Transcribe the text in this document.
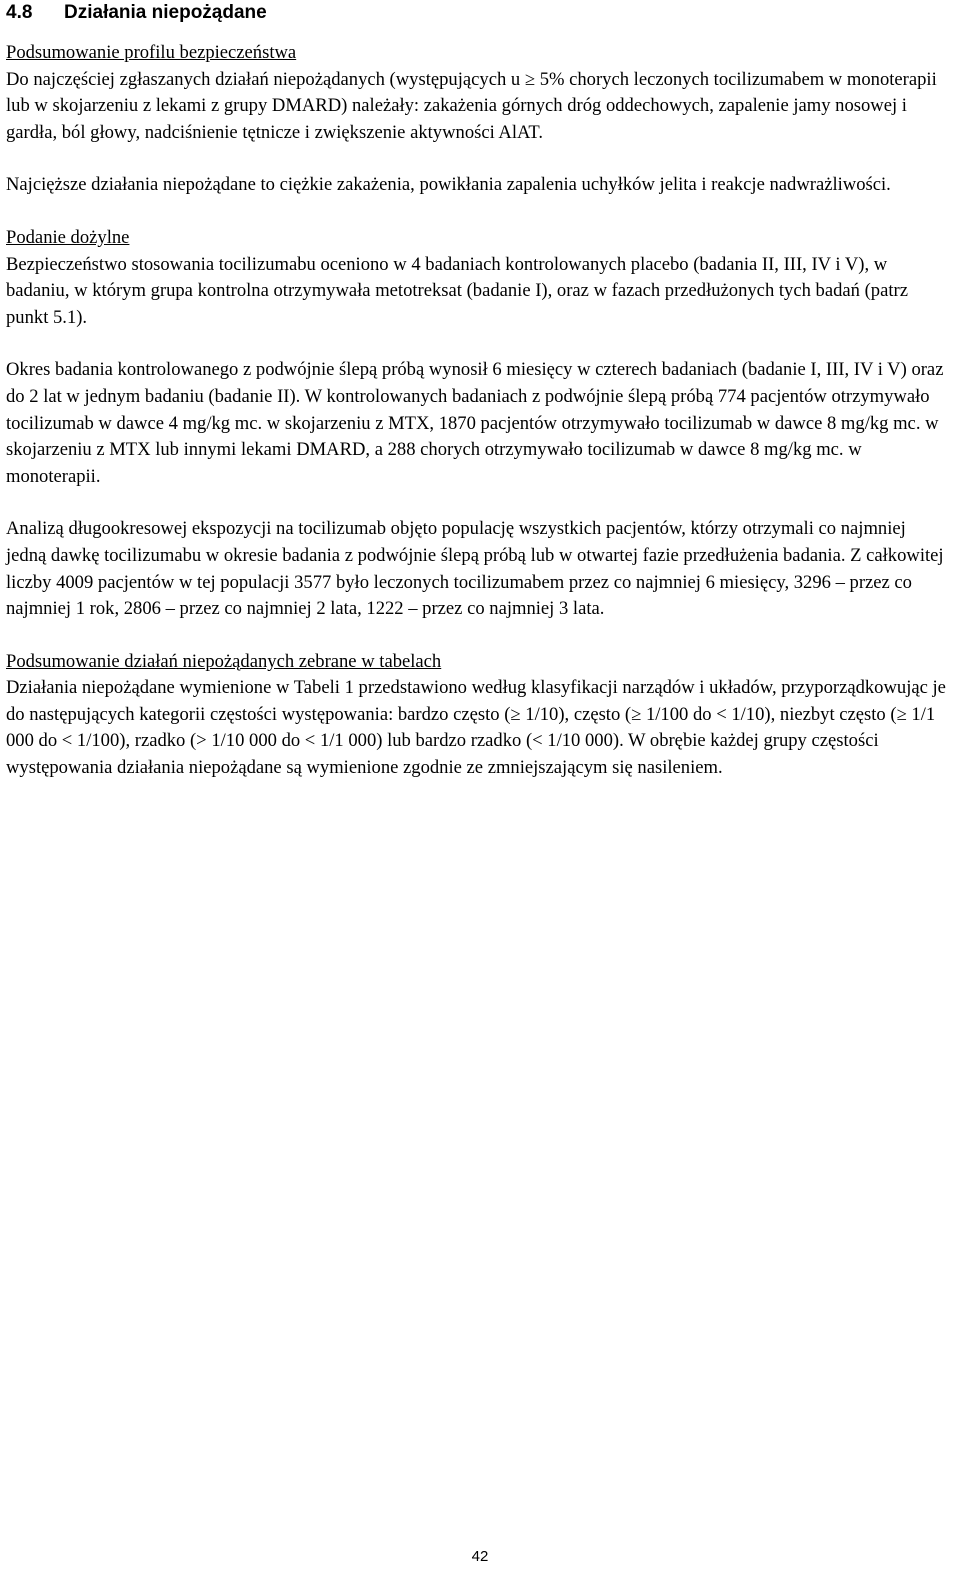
4.8	Działania niepożądane
Podsumowanie profilu bezpieczeństwa

Do najczęściej zgłaszanych działań niepożądanych (występujących u ≥ 5% chorych leczonych tocilizumabem w monoterapii lub w skojarzeniu z lekami z grupy DMARD) należały: zakażenia górnych dróg oddechowych, zapalenie jamy nosowej i gardła, ból głowy, nadciśnienie tętnicze i zwiększenie aktywności AlAT.

Najcięższe działania niepożądane to ciężkie zakażenia, powikłania zapalenia uchyłków jelita i reakcje nadwrażliwości.

Podanie dożylne

Bezpieczeństwo stosowania tocilizumabu oceniono w 4 badaniach kontrolowanych placebo (badania II, III, IV i V), w badaniu, w którym grupa kontrolna otrzymywała metotreksat (badanie I), oraz w fazach przedłużonych tych badań (patrz punkt 5.1).

Okres badania kontrolowanego z podwójnie ślepą próbą wynosił 6 miesięcy w czterech badaniach (badanie I, III, IV i V) oraz do 2 lat w jednym badaniu (badanie II). W kontrolowanych badaniach z podwójnie ślepą próbą 774 pacjentów otrzymywało tocilizumab w dawce 4 mg/kg mc. w skojarzeniu z MTX, 1870 pacjentów otrzymywało tocilizumab w dawce 8 mg/kg mc. w skojarzeniu z MTX lub innymi lekami DMARD, a 288 chorych otrzymywało tocilizumab w dawce 8 mg/kg mc. w monoterapii.

Analizą długookresowej ekspozycji na tocilizumab objęto populację wszystkich pacjentów, którzy otrzymali co najmniej jedną dawkę tocilizumabu w okresie badania z podwójnie ślepą próbą lub w otwartej fazie przedłużenia badania. Z całkowitej liczby 4009 pacjentów w tej populacji 3577 było leczonych tocilizumabem przez co najmniej 6 miesięcy, 3296 – przez co najmniej 1 rok, 2806 – przez co najmniej 2 lata, 1222 – przez co najmniej 3 lata.

Podsumowanie działań niepożądanych zebrane w tabelach

Działania niepożądane wymienione w Tabeli 1 przedstawiono według klasyfikacji narządów i układów, przyporządkowując je do następujących kategorii częstości występowania: bardzo często (≥ 1/10), często (≥ 1/100 do < 1/10), niezbyt często (≥ 1/1 000 do < 1/100), rzadko (> 1/10 000 do < 1/1 000) lub bardzo rzadko (< 1/10 000). W obrębie każdej grupy częstości występowania działania niepożądane są wymienione zgodnie ze zmniejszającym się nasileniem.

42
